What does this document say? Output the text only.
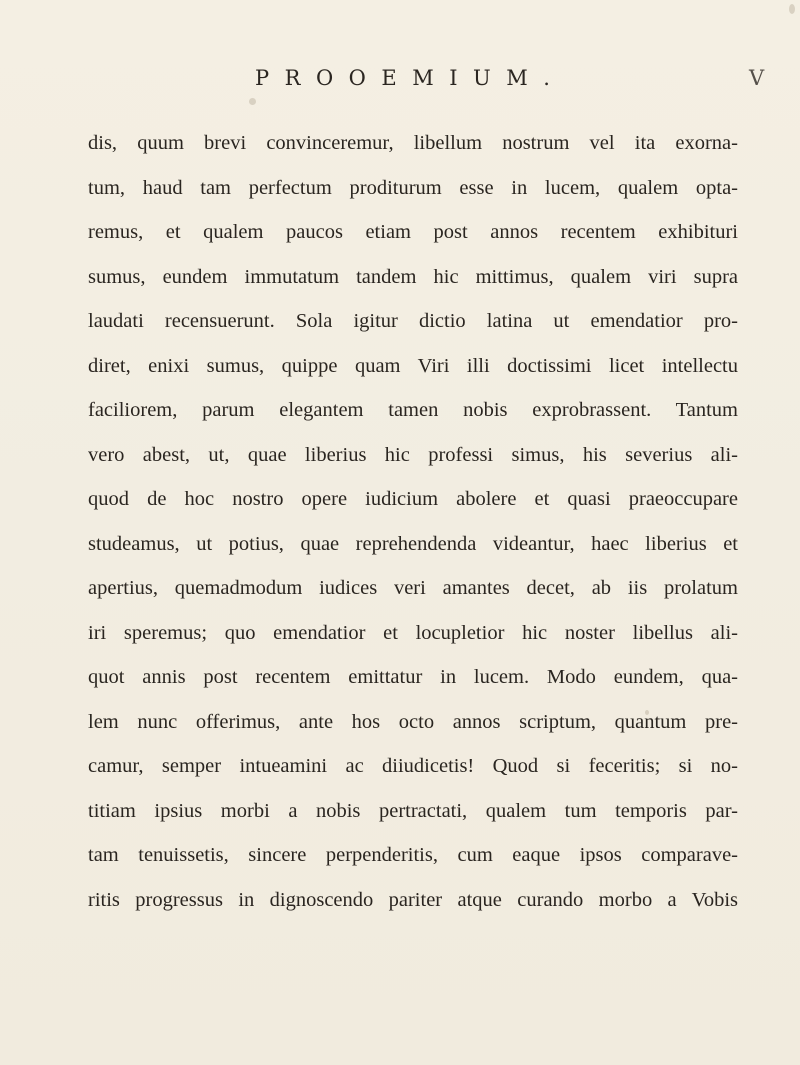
PROOEMIUM.	V
dis, quum brevi convinceremur, libellum nostrum vel ita exorna-
tum, haud tam perfectum proditurum esse in lucem, qualem opta-
remus, et qualem paucos etiam post annos recentem exhibituri
sumus, eundem immutatum tandem hic mittimus, qualem viri supra
laudati recensuerunt. Sola igitur dictio latina ut emendatior pro-
diret, enixi sumus, quippe quam Viri illi doctissimi licet intellectu
faciliorem, parum elegantem tamen nobis exprobrassent. Tantum
vero abest, ut, quae liberius hic professi simus, his severius ali-
quod de hoc nostro opere iudicium abolere et quasi praeoccupare
studeamus, ut potius, quae reprehendenda videantur, haec liberius et
apertius, quemadmodum iudices veri amantes decet, ab iis prolatum
iri speremus; quo emendatior et locupletior hic noster libellus ali-
quot annis post recentem emittatur in lucem. Modo eundem, qua-
lem nunc offerimus, ante hos octo annos scriptum, quantum pre-
camur, semper intueamini ac diiudicetis! Quod si feceritis; si no-
titiam ipsius morbi a nobis pertractati, qualem tum temporis par-
tam tenuissetis, sincere perpenderitis, cum eaque ipsos comparave-
ritis progressus in dignoscendo pariter atque curando morbo a Vobis
